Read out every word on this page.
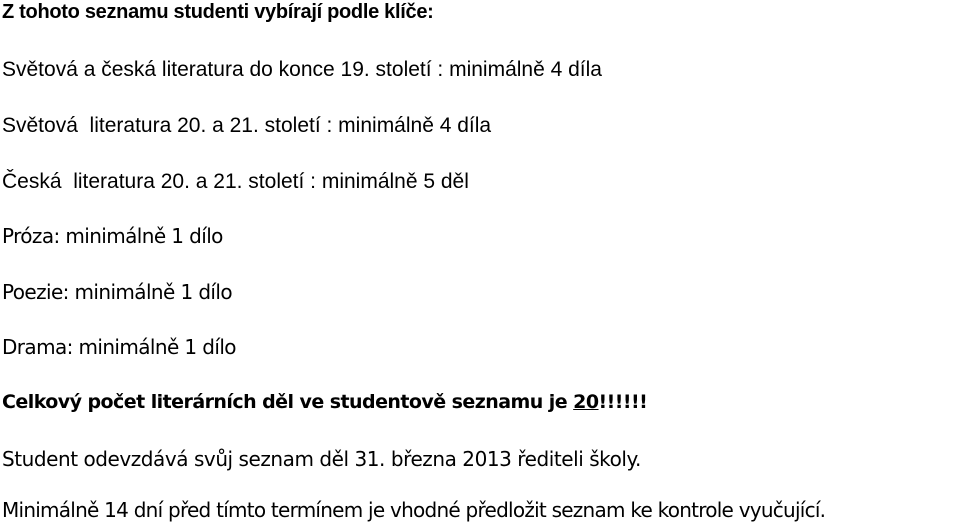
Z tohoto seznamu studenti vybírají podle klíče:
Světová a česká literatura do konce 19. století : minimálně 4 díla
Světová  literatura 20. a 21. století : minimálně 4 díla
Česká  literatura 20. a 21. století : minimálně 5 děl
Próza: minimálně 1 dílo
Poezie: minimálně 1 dílo
Drama: minimálně 1 dílo
Celkový počet literárních děl ve studentově seznamu je 20!!!!!!
Student odevzdává svůj seznam děl 31. března 2013 řediteli školy.
Minimálně 14 dní před tímto termínem je vhodné předložit seznam ke kontrole vyučující.
